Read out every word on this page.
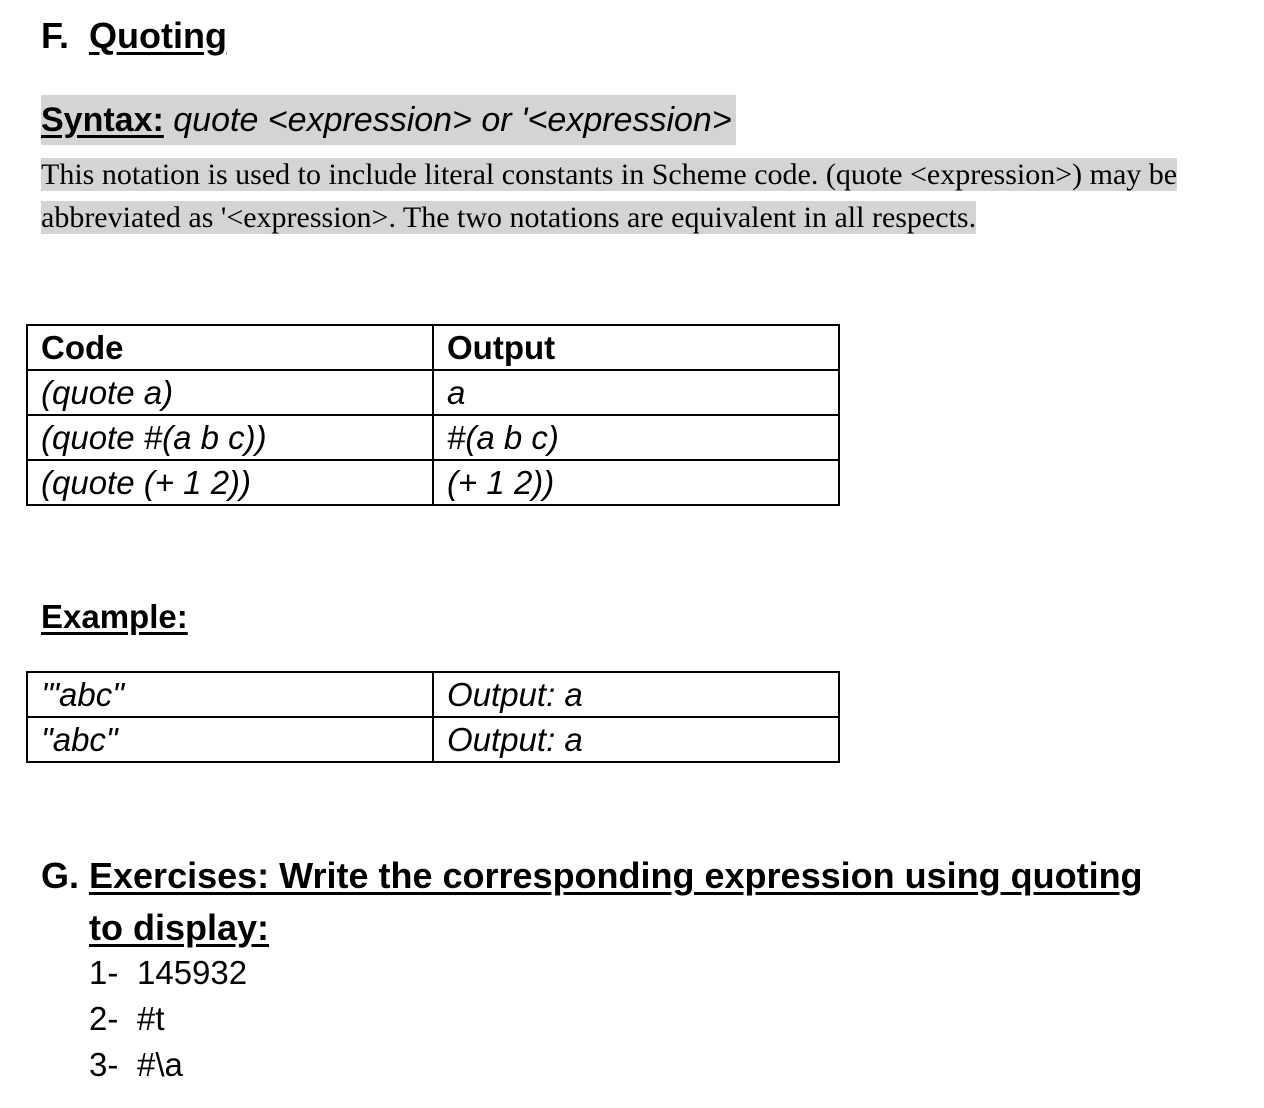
F. Quoting
Syntax: quote <expression> or '<expression>
This notation is used to include literal constants in Scheme code. (quote <expression>) may be abbreviated as '<expression>. The two notations are equivalent in all respects.
Code	Output
(quote a)	a
(quote #(a b c))	#(a b c)
(quote (+ 1 2))	(+ 1 2))
Example:
'"abc"	Output: a
"abc"	Output: a
G. Exercises: Write the corresponding expression using quoting to display:
1- 145932
2- #t
3- #\a
